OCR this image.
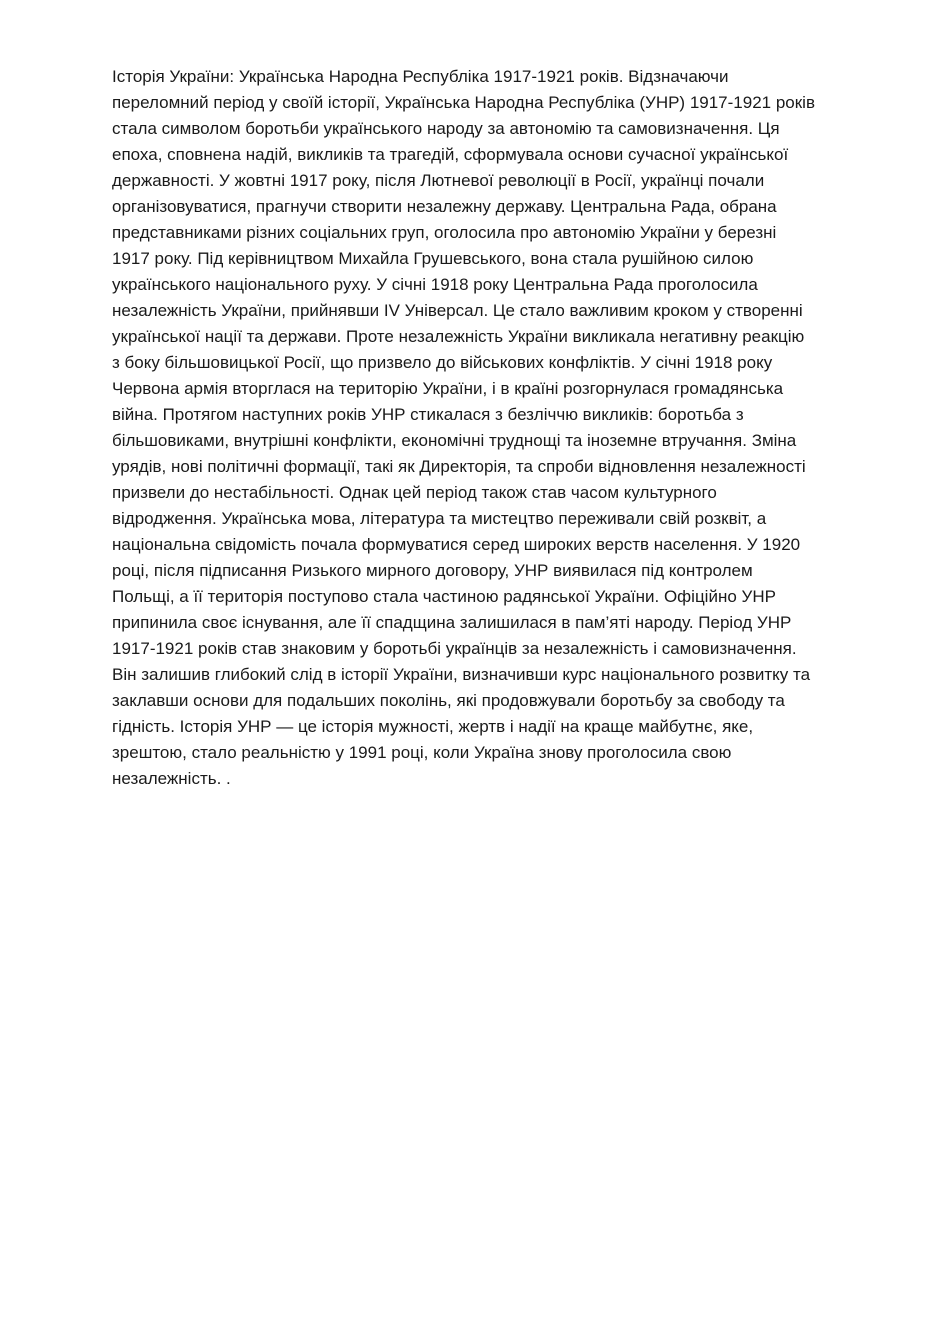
Історія України: Українська Народна Республіка 1917-1921 років. Відзначаючи
переломний період у своїй історії, Українська Народна Республіка (УНР) 1917-1921 років
стала символом боротьби українського народу за автономію та самовизначення. Ця
епоха, сповнена надій, викликів та трагедій, сформувала основи сучасної української
державності. У жовтні 1917 року, після Лютневої революції в Росії, українці почали
організовуватися, прагнучи створити незалежну державу. Центральна Рада, обрана
представниками різних соціальних груп, оголосила про автономію України у березні
1917 року. Під керівництвом Михайла Грушевського, вона стала рушійною силою
українського національного руху. У січні 1918 року Центральна Рада проголосила
незалежність України, прийнявши IV Універсал. Це стало важливим кроком у створенні
української нації та держави. Проте незалежність України викликала негативну реакцію
з боку більшовицької Росії, що призвело до військових конфліктів. У січні 1918 року
Червона армія вторглася на територію України, і в країні розгорнулася громадянська
війна. Протягом наступних років УНР стикалася з безліччю викликів: боротьба з
більшовиками, внутрішні конфлікти, економічні труднощі та іноземне втручання. Зміна
урядів, нові політичні формації, такі як Директорія, та спроби відновлення незалежності
призвели до нестабільності. Однак цей період також став часом культурного
відродження. Українська мова, література та мистецтво переживали свій розквіт, а
національна свідомість почала формуватися серед широких верств населення. У 1920
році, після підписання Ризького мирного договору, УНР виявилася під контролем
Польщі, а її територія поступово стала частиною радянської України. Офіційно УНР
припинила своє існування, але її спадщина залишилася в пам’яті народу. Період УНР
1917-1921 років став знаковим у боротьбі українців за незалежність і самовизначення.
Він залишив глибокий слід в історії України, визначивши курс національного розвитку та
заклавши основи для подальших поколінь, які продовжували боротьбу за свободу та
гідність. Історія УНР — це історія мужності, жертв і надії на краще майбутнє, яке,
зрештою, стало реальністю у 1991 році, коли Україна знову проголосила свою
незалежність. .
